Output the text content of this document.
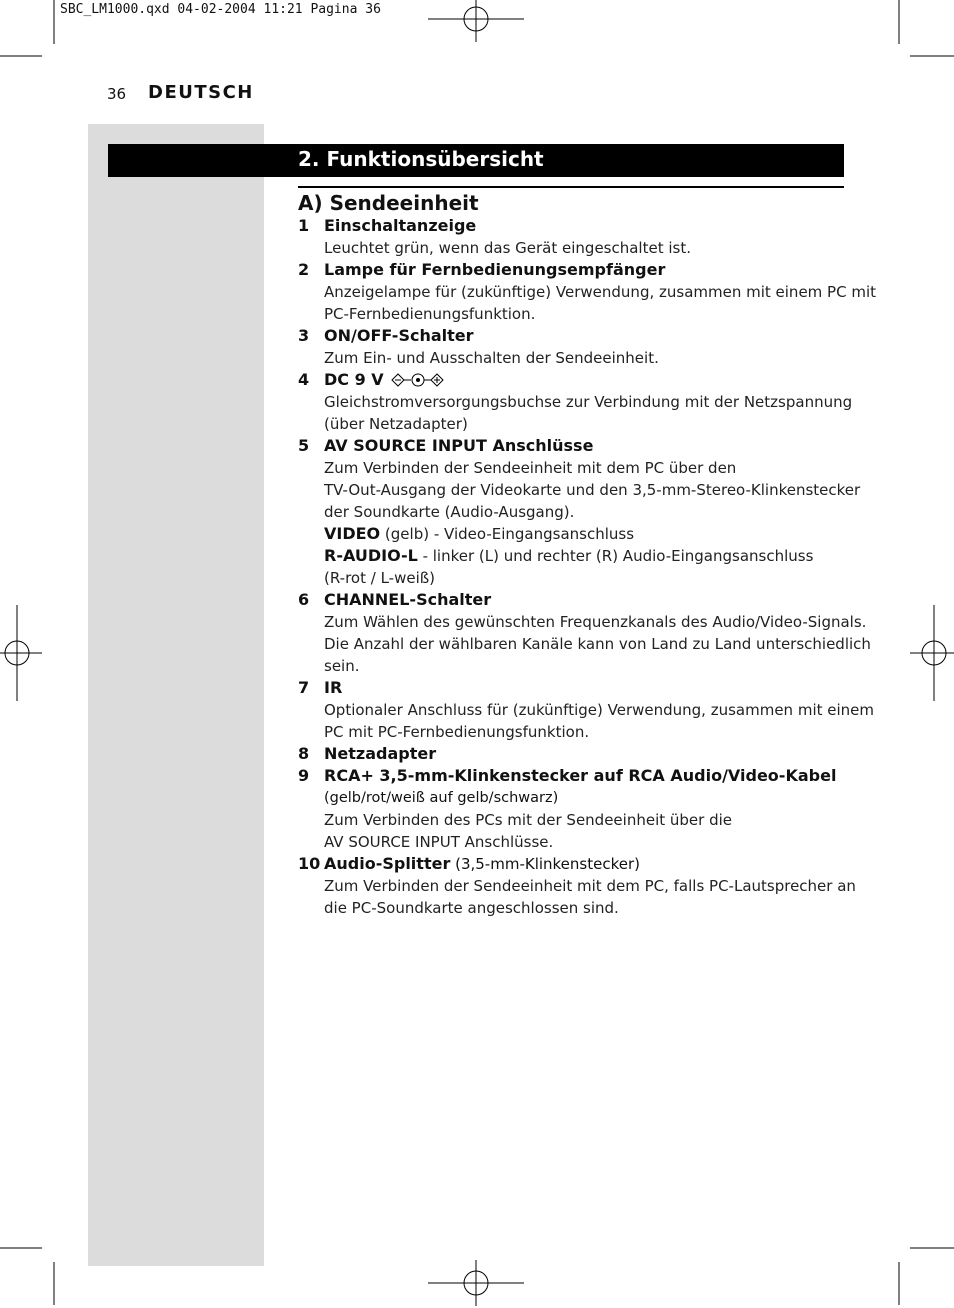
SBC_LM1000.qxd 04-02-2004 11:21 Pagina 36
36 DEUTSCH
2. Funktionsübersicht
A) Sendeeinheit
1 Einschaltanzeige
Leuchtet grün, wenn das Gerät eingeschaltet ist.
2 Lampe für Fernbedienungsempfänger
Anzeigelampe für (zukünftige) Verwendung, zusammen mit einem PC mit
PC-Fernbedienungsfunktion.
3 ON/OFF-Schalter
Zum Ein- und Ausschalten der Sendeeinheit.
4 DC 9 V
Gleichstromversorgungsbuchse zur Verbindung mit der Netzspannung
(über Netzadapter)
5 AV SOURCE INPUT Anschlüsse
Zum Verbinden der Sendeeinheit mit dem PC über den
TV-Out-Ausgang der Videokarte und den 3,5-mm-Stereo-Klinkenstecker
der Soundkarte (Audio-Ausgang).
VIDEO (gelb) - Video-Eingangsanschluss
R-AUDIO-L - linker (L) und rechter (R) Audio-Eingangsanschluss
(R-rot / L-weiß)
6 CHANNEL-Schalter
Zum Wählen des gewünschten Frequenzkanals des Audio/Video-Signals.
Die Anzahl der wählbaren Kanäle kann von Land zu Land unterschiedlich
sein.
7 IR
Optionaler Anschluss für (zukünftige) Verwendung, zusammen mit einem
PC mit PC-Fernbedienungsfunktion.
8 Netzadapter
9 RCA+ 3,5-mm-Klinkenstecker auf RCA Audio/Video-Kabel
(gelb/rot/weiß auf gelb/schwarz)
Zum Verbinden des PCs mit der Sendeeinheit über die
AV SOURCE INPUT Anschlüsse.
10 Audio-Splitter (3,5-mm-Klinkenstecker)
Zum Verbinden der Sendeeinheit mit dem PC, falls PC-Lautsprecher an
die PC-Soundkarte angeschlossen sind.
